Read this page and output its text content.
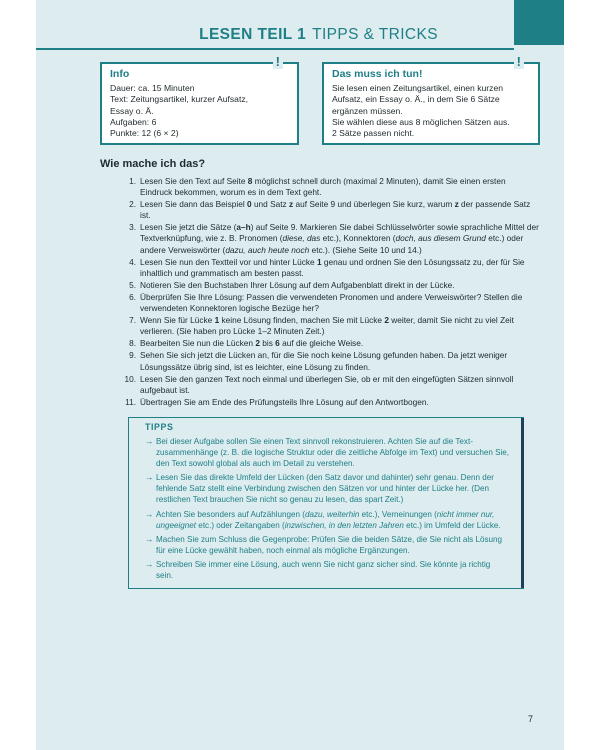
LESEN TEIL 1 TIPPS & TRICKS
!
Info
Dauer: ca. 15 Minuten
Text: Zeitungsartikel, kurzer Aufsatz,
Essay o. Ä.
Aufgaben: 6
Punkte: 12 (6 × 2)
!
Das muss ich tun!
Sie lesen einen Zeitungsartikel, einen kurzen
Aufsatz, ein Essay o. Ä., in dem Sie 6 Sätze
ergänzen müssen.
Sie wählen diese aus 8 möglichen Sätzen aus.
2 Sätze passen nicht.
Wie mache ich das?
1. Lesen Sie den Text auf Seite 8 möglichst schnell durch (maximal 2 Minuten), damit Sie einen ersten Eindruck bekommen, worum es in dem Text geht.
2. Lesen Sie dann das Beispiel 0 und Satz z auf Seite 9 und überlegen Sie kurz, warum z der passende Satz ist.
3. Lesen Sie jetzt die Sätze (a–h) auf Seite 9. Markieren Sie dabei Schlüsselwörter sowie sprachliche Mittel der Textverknüpfung, wie z. B. Pronomen (diese, das etc.), Konnektoren (doch, aus diesem Grund etc.) oder andere Verweiswörter (dazu, auch heute noch etc.). (Siehe Seite 10 und 14.)
4. Lesen Sie nun den Textteil vor und hinter Lücke 1 genau und ordnen Sie den Lösungssatz zu, der für Sie inhaltlich und grammatisch am besten passt.
5. Notieren Sie den Buchstaben Ihrer Lösung auf dem Aufgabenblatt direkt in der Lücke.
6. Überprüfen Sie Ihre Lösung: Passen die verwendeten Pronomen und andere Verweiswörter? Stellen die verwendeten Konnektoren logische Bezüge her?
7. Wenn Sie für Lücke 1 keine Lösung finden, machen Sie mit Lücke 2 weiter, damit Sie nicht zu viel Zeit verlieren. (Sie haben pro Lücke 1–2 Minuten Zeit.)
8. Bearbeiten Sie nun die Lücken 2 bis 6 auf die gleiche Weise.
9. Sehen Sie sich jetzt die Lücken an, für die Sie noch keine Lösung gefunden haben. Da jetzt weniger Lösungssätze übrig sind, ist es leichter, eine Lösung zu finden.
10. Lesen Sie den ganzen Text noch einmal und überlegen Sie, ob er mit den eingefügten Sätzen sinnvoll aufgebaut ist.
11. Übertragen Sie am Ende des Prüfungsteils Ihre Lösung auf den Antwortbogen.
TIPPS
→ Bei dieser Aufgabe sollen Sie einen Text sinnvoll rekonstruieren. Achten Sie auf die Textzusammenhänge (z. B. die logische Struktur oder die zeitliche Abfolge im Text) und versuchen Sie, den Text sowohl global als auch im Detail zu verstehen.
→ Lesen Sie das direkte Umfeld der Lücken (den Satz davor und dahinter) sehr genau. Denn der fehlende Satz stellt eine Verbindung zwischen den Sätzen vor und hinter der Lücke her. (Den restlichen Text brauchen Sie nicht so genau zu lesen, das spart Zeit.)
→ Achten Sie besonders auf Aufzählungen (dazu, weiterhin etc.), Verneinungen (nicht immer nur, ungeeignet etc.) oder Zeitangaben (inzwischen, in den letzten Jahren etc.) im Umfeld der Lücke.
→ Machen Sie zum Schluss die Gegenprobe: Prüfen Sie die beiden Sätze, die Sie nicht als Lösung für eine Lücke gewählt haben, noch einmal als mögliche Ergänzungen.
→ Schreiben Sie immer eine Lösung, auch wenn Sie nicht ganz sicher sind. Sie könnte ja richtig sein.
7
